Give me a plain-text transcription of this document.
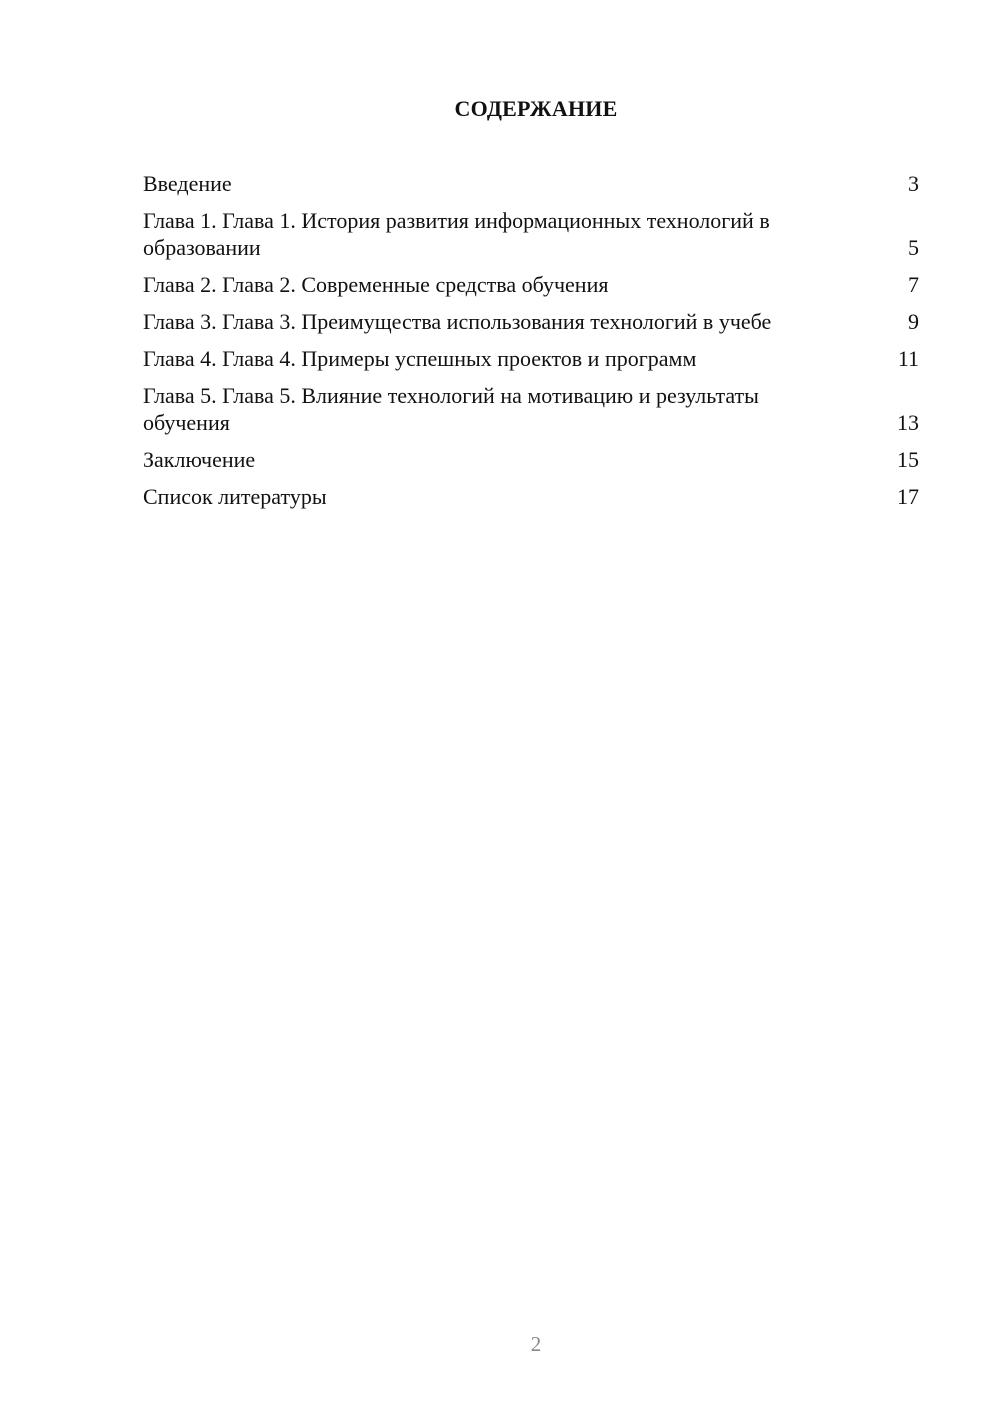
СОДЕРЖАНИЕ
Введение	3
Глава 1. Глава 1. История развития информационных технологий в образовании	5
Глава 2. Глава 2. Современные средства обучения	7
Глава 3. Глава 3. Преимущества использования технологий в учебе	9
Глава 4. Глава 4. Примеры успешных проектов и программ	11
Глава 5. Глава 5. Влияние технологий на мотивацию и результаты обучения	13
Заключение	15
Список литературы	17
2
